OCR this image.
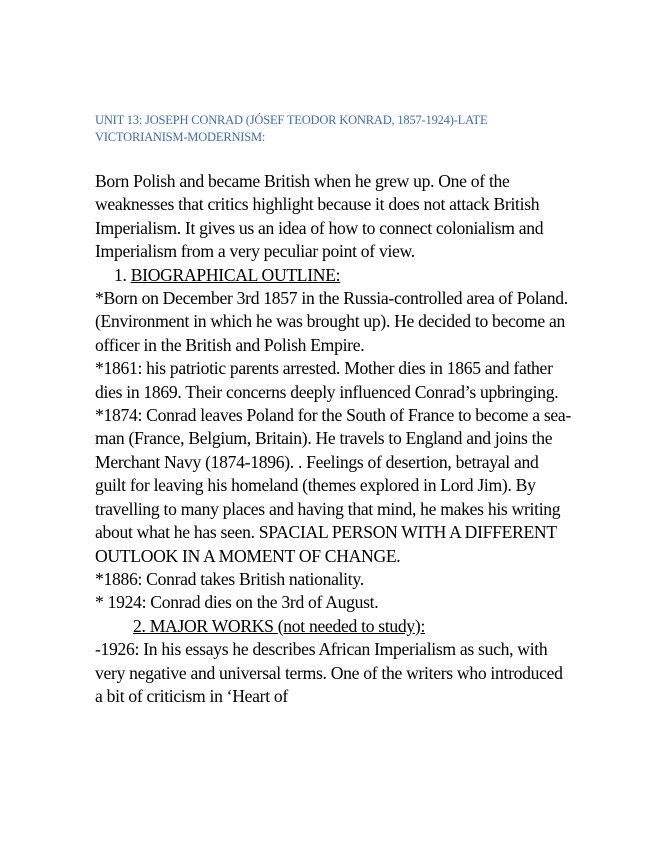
UNIT 13: JOSEPH CONRAD (JÓSEF TEODOR KONRAD, 1857-1924)-LATE VICTORIANISM-MODERNISM:

Born Polish and became British when he grew up. One of the weaknesses that critics highlight because it does not attack British Imperialism. It gives us an idea of how to connect colonialism and Imperialism from a very peculiar point of view.

1. BIOGRAPHICAL OUTLINE:

*Born on December 3rd 1857 in the Russia-controlled area of Poland. (Environment in which he was brought up). He decided to become an officer in the British and Polish Empire.

*1861: his patriotic parents arrested. Mother dies in 1865 and father dies in 1869. Their concerns deeply influenced Conrad’s upbringing.

*1874: Conrad leaves Poland for the South of France to become a sea-man (France, Belgium, Britain). He travels to England and joins the Merchant Navy (1874-1896). . Feelings of desertion, betrayal and guilt for leaving his homeland (themes explored in Lord Jim). By travelling to many places and having that mind, he makes his writing about what he has seen. SPACIAL PERSON WITH A DIFFERENT OUTLOOK IN A MOMENT OF CHANGE.

*1886: Conrad takes British nationality.

* 1924: Conrad dies on the 3rd of August.

2. MAJOR WORKS (not needed to study):

-1926: In his essays he describes African Imperialism as such, with very negative and universal terms. One of the writers who introduced a bit of criticism in ‘Heart of
